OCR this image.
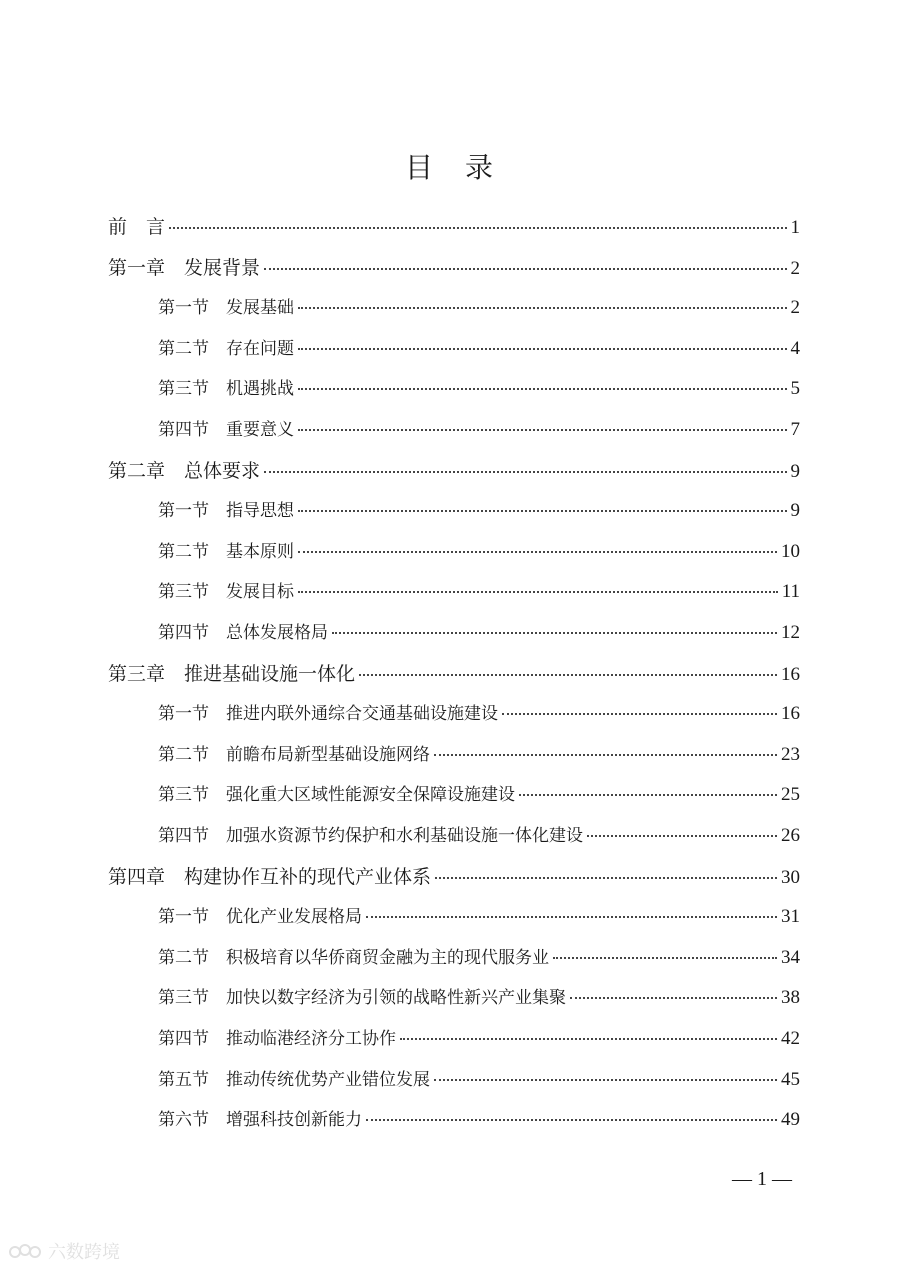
目　录
前　言	1
第一章　发展背景	2
第一节　发展基础	2
第二节　存在问题	4
第三节　机遇挑战	5
第四节　重要意义	7
第二章　总体要求	9
第一节　指导思想	9
第二节　基本原则	10
第三节　发展目标	11
第四节　总体发展格局	12
第三章　推进基础设施一体化	16
第一节　推进内联外通综合交通基础设施建设	16
第二节　前瞻布局新型基础设施网络	23
第三节　强化重大区域性能源安全保障设施建设	25
第四节　加强水资源节约保护和水利基础设施一体化建设	26
第四章　构建协作互补的现代产业体系	30
第一节　优化产业发展格局	31
第二节　积极培育以华侨商贸金融为主的现代服务业	34
第三节　加快以数字经济为引领的战略性新兴产业集聚	38
第四节　推动临港经济分工协作	42
第五节　推动传统优势产业错位发展	45
第六节　增强科技创新能力	49
— 1 —
六数跨境
